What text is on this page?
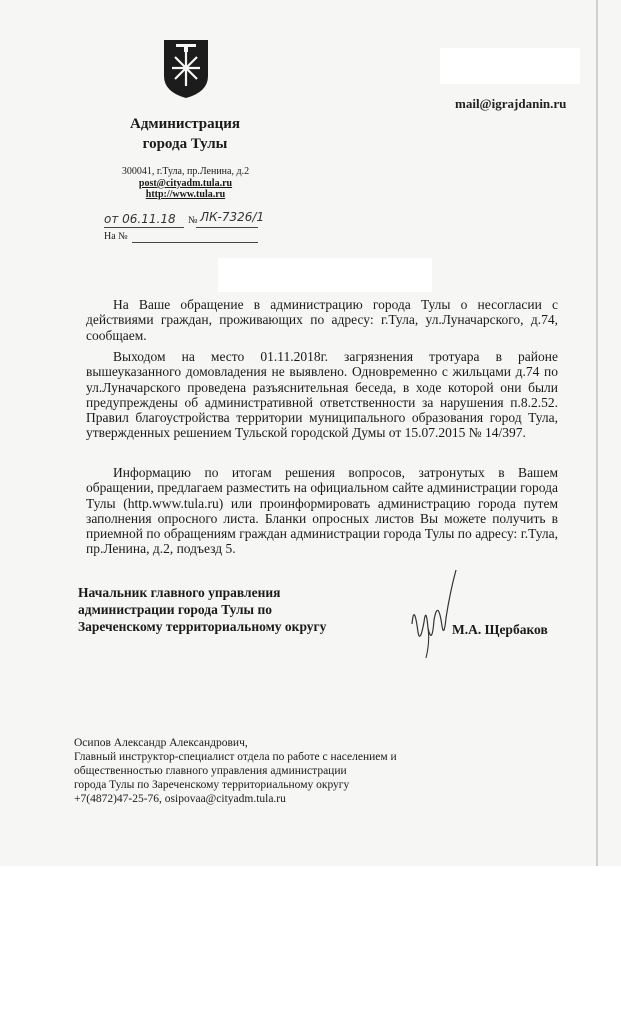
mail@igrajdanin.ru
Администрация
города Тулы
300041, г.Тула, пр.Ленина, д.2
post@cityadm.tula.ru
http://www.tula.ru
от 06.11.18 № ЛК-7326/1
На №

На Ваше обращение в администрацию города Тулы о несогласии с действиями граждан, проживающих по адресу: г.Тула, ул.Луначарского, д.74, сообщаем.

Выходом на место 01.11.2018г. загрязнения тротуара в районе вышеуказанного домовладения не выявлено. Одновременно с жильцами д.74 по ул.Луначарского проведена разъяснительная беседа, в ходе которой они были предупреждены об административной ответственности за нарушения п.8.2.52. Правил благоустройства территории муниципального образования город Тула, утвержденных решением Тульской городской Думы от 15.07.2015 № 14/397.

Информацию по итогам решения вопросов, затронутых в Вашем обращении, предлагаем разместить на официальном сайте администрации города Тулы (http.www.tula.ru) или проинформировать администрацию города путем заполнения опросного листа. Бланки опросных листов Вы можете получить в приемной по обращениям граждан администрации города Тулы по адресу: г.Тула, пр.Ленина, д.2, подъезд 5.

Начальник главного управления
администрации города Тулы по
Зареченскому территориальному округу	М.А. Щербаков
Осипов Александр Александрович,
Главный инструктор-специалист отдела по работе с населением и
общественностью главного управления администрации
города Тулы по Зареченскому территориальному округу
+7(4872)47-25-76, osipovaa@cityadm.tula.ru
